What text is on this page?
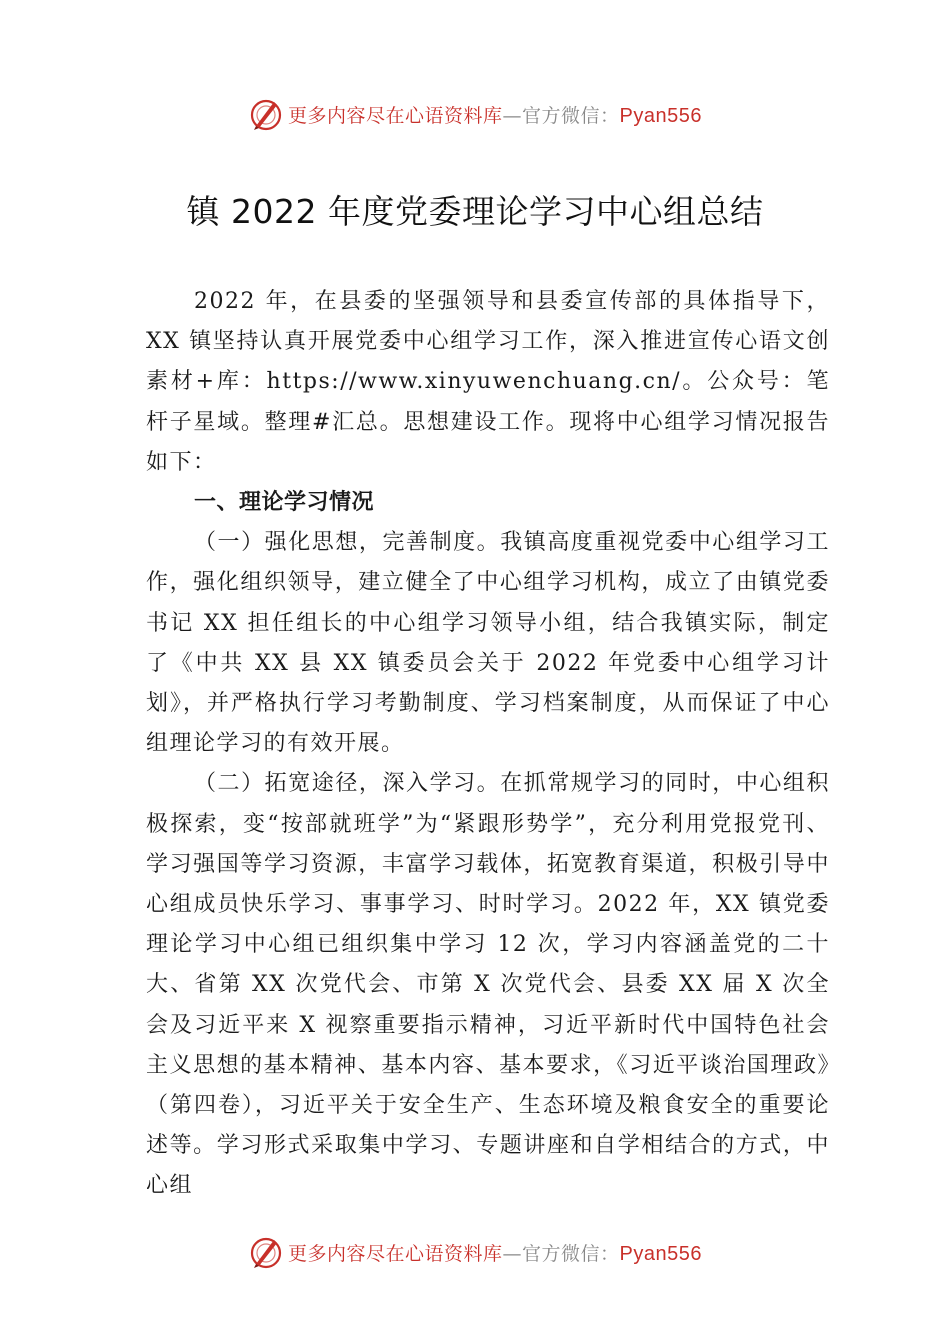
更多内容尽在心语资料库—官方微信：Pyan556
镇 2022 年度党委理论学习中心组总结

2022 年，在县委的坚强领导和县委宣传部的具体指导下， XX 镇坚持认真开展党委中心组学习工作，深入推进宣传心语文创素材+库：https://www.xinyuwenchuang.cn/。公众号：笔杆子星域。整理#汇总。思想建设工作。现将中心组学习情况报告如下：

一、理论学习情况

（一）强化思想，完善制度。我镇高度重视党委中心组学习工作，强化组织领导，建立健全了中心组学习机构，成立了由镇党委书记 XX 担任组长的中心组学习领导小组，结合我镇实际，制定了《中共 XX 县 XX 镇委员会关于 2022 年党委中心组学习计划》，并严格执行学习考勤制度、学习档案制度，从而保证了中心组理论学习的有效开展。

（二）拓宽途径，深入学习。在抓常规学习的同时，中心组积极探索，变“按部就班学”为“紧跟形势学”，充分利用党报党刊、学习强国等学习资源，丰富学习载体，拓宽教育渠道，积极引导中心组成员快乐学习、事事学习、时时学习。2022 年，XX 镇党委理论学习中心组已组织集中学习 12 次，学习内容涵盖党的二十大、省第 XX 次党代会、市第 X 次党代会、县委 XX 届 X 次全会及习近平来 X 视察重要指示精神，习近平新时代中国特色社会主义思想的基本精神、基本内容、基本要求，《习近平谈治国理政》（第四卷），习近平关于安全生产、生态环境及粮食安全的重要论述等。学习形式采取集中学习、专题讲座和自学相结合的方式，中心组

更多内容尽在心语资料库—官方微信：Pyan556
